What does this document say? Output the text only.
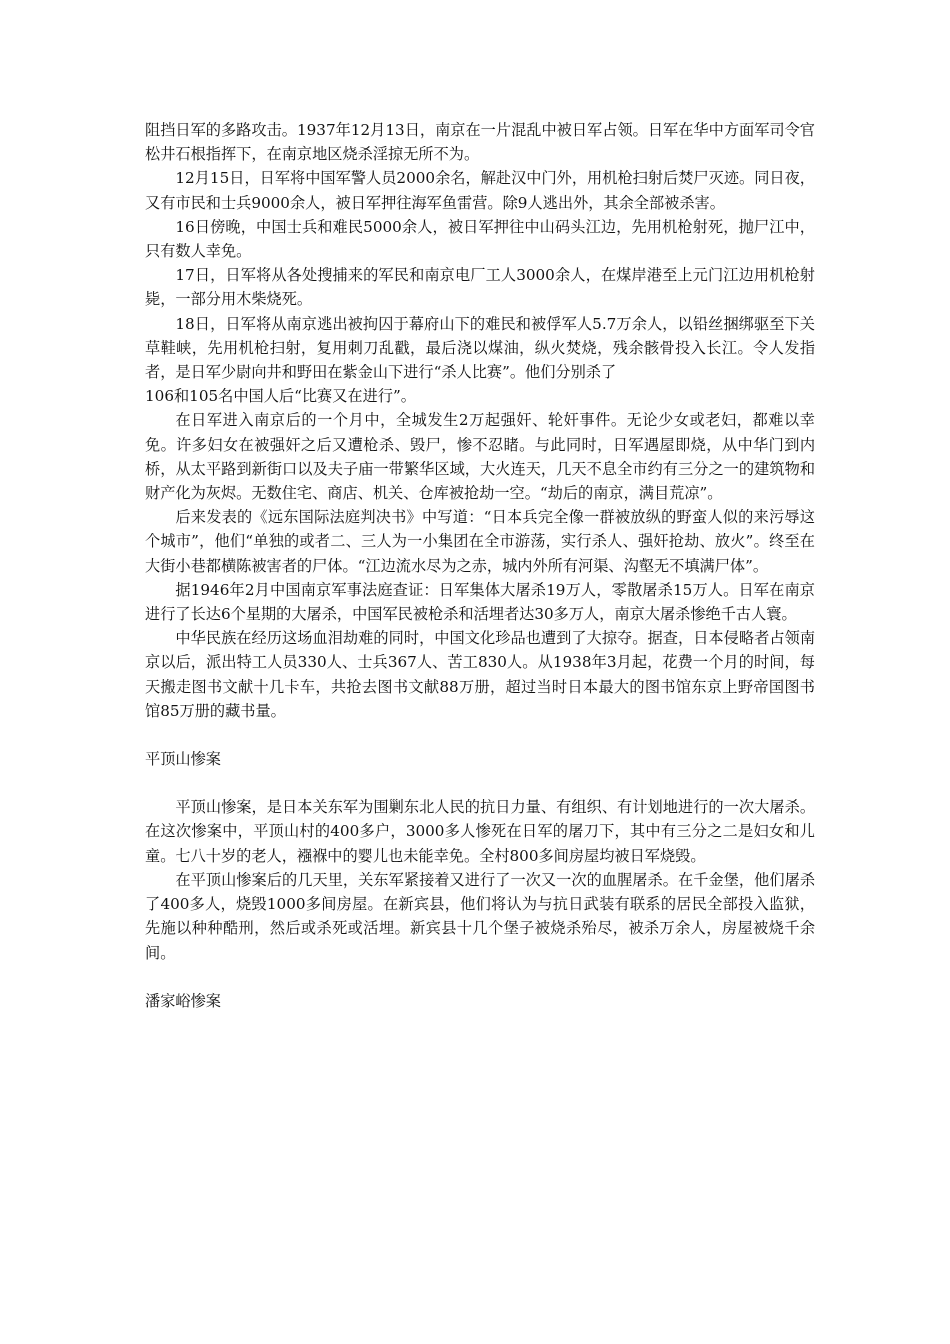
阻挡日军的多路攻击。1937年12月13日，南京在一片混乱中被日军占领。日军在华中方面军司令官松井石根指挥下，在南京地区烧杀淫掠无所不为。

12月15日，日军将中国军警人员2000余名，解赴汉中门外，用机枪扫射后焚尸灭迹。同日夜，又有市民和士兵9000余人，被日军押往海军鱼雷营。除9人逃出外，其余全部被杀害。

16日傍晚，中国士兵和难民5000余人，被日军押往中山码头江边，先用机枪射死，抛尸江中，只有数人幸免。

17日，日军将从各处搜捕来的军民和南京电厂工人3000余人，在煤岸港至上元门江边用机枪射毙，一部分用木柴烧死。

18日，日军将从南京逃出被拘囚于幕府山下的难民和被俘军人5.7万余人，以铅丝捆绑驱至下关草鞋峡，先用机枪扫射，复用刺刀乱戳，最后浇以煤油，纵火焚烧，残余骸骨投入长江。令人发指者，是日军少尉向井和野田在紫金山下进行“杀人比赛”。他们分别杀了

106和105名中国人后“比赛又在进行”。

在日军进入南京后的一个月中，全城发生2万起强奸、轮奸事件。无论少女或老妇，都难以幸免。许多妇女在被强奸之后又遭枪杀、毁尸，惨不忍睹。与此同时，日军遇屋即烧，从中华门到内桥，从太平路到新街口以及夫子庙一带繁华区域，大火连天，几天不息全市约有三分之一的建筑物和财产化为灰烬。无数住宅、商店、机关、仓库被抢劫一空。“劫后的南京，满目荒凉”。

后来发表的《远东国际法庭判决书》中写道：“日本兵完全像一群被放纵的野蛮人似的来污辱这个城市”，他们“单独的或者二、三人为一小集团在全市游荡，实行杀人、强奸抢劫、放火”。终至在大街小巷都横陈被害者的尸体。“江边流水尽为之赤，城内外所有河渠、沟壑无不填满尸体”。

据1946年2月中国南京军事法庭查证：日军集体大屠杀19万人，零散屠杀15万人。日军在南京进行了长达6个星期的大屠杀，中国军民被枪杀和活埋者达30多万人，南京大屠杀惨绝千古人寰。

中华民族在经历这场血泪劫难的同时，中国文化珍品也遭到了大掠夺。据查，日本侵略者占领南京以后，派出特工人员330人、士兵367人、苦工830人。从1938年3月起，花费一个月的时间，每天搬走图书文献十几卡车，共抢去图书文献88万册，超过当时日本最大的图书馆东京上野帝国图书馆85万册的藏书量。

平顶山惨案

平顶山惨案，是日本关东军为围剿东北人民的抗日力量、有组织、有计划地进行的一次大屠杀。在这次惨案中，平顶山村的400多户，3000多人惨死在日军的屠刀下，其中有三分之二是妇女和儿童。七八十岁的老人，襁褓中的婴儿也未能幸免。全村800多间房屋均被日军烧毁。

在平顶山惨案后的几天里，关东军紧接着又进行了一次又一次的血腥屠杀。在千金堡，他们屠杀了400多人，烧毁1000多间房屋。在新宾县，他们将认为与抗日武装有联系的居民全部投入监狱，先施以种种酷刑，然后或杀死或活埋。新宾县十几个堡子被烧杀殆尽，被杀万余人，房屋被烧千余间。

潘家峪惨案
